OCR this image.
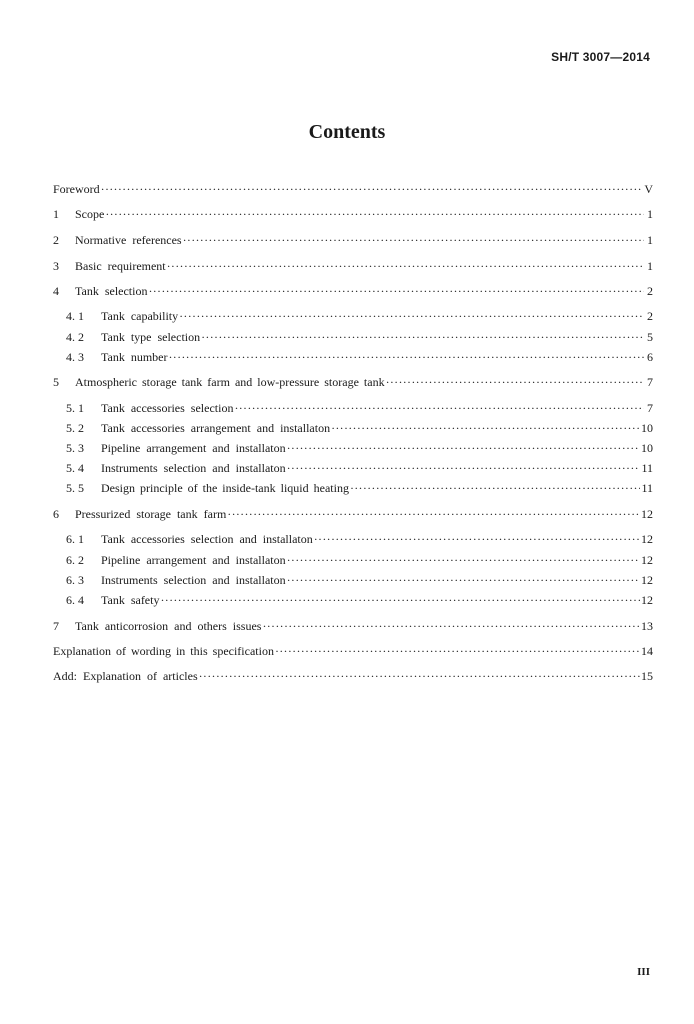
SH/T 3007—2014
Contents
Foreword ·····	V
1	Scope ·····	1
2	Normative references ·····	1
3	Basic requirement ·····	1
4	Tank selection ·····	2
4. 1	Tank capability ·····	2
4. 2	Tank type selection ·····	5
4. 3	Tank number ·····	6
5	Atmospheric storage tank farm and low-pressure storage tank ·····	7
5. 1	Tank accessories selection ·····	7
5. 2	Tank accessories arrangement and installaton ·····	10
5. 3	Pipeline arrangement and installaton ·····	10
5. 4	Instruments selection and installaton ·····	11
5. 5	Design principle of the inside-tank liquid heating ·····	11
6	Pressurized storage tank farm ·····	12
6. 1	Tank accessories selection and installaton ·····	12
6. 2	Pipeline arrangement and installaton ·····	12
6. 3	Instruments selection and installaton ·····	12
6. 4	Tank safety ·····	12
7	Tank anticorrosion and others issues ·····	13
Explanation of wording in this specification ·····	14
Add: Explanation of articles ·····	15
III
